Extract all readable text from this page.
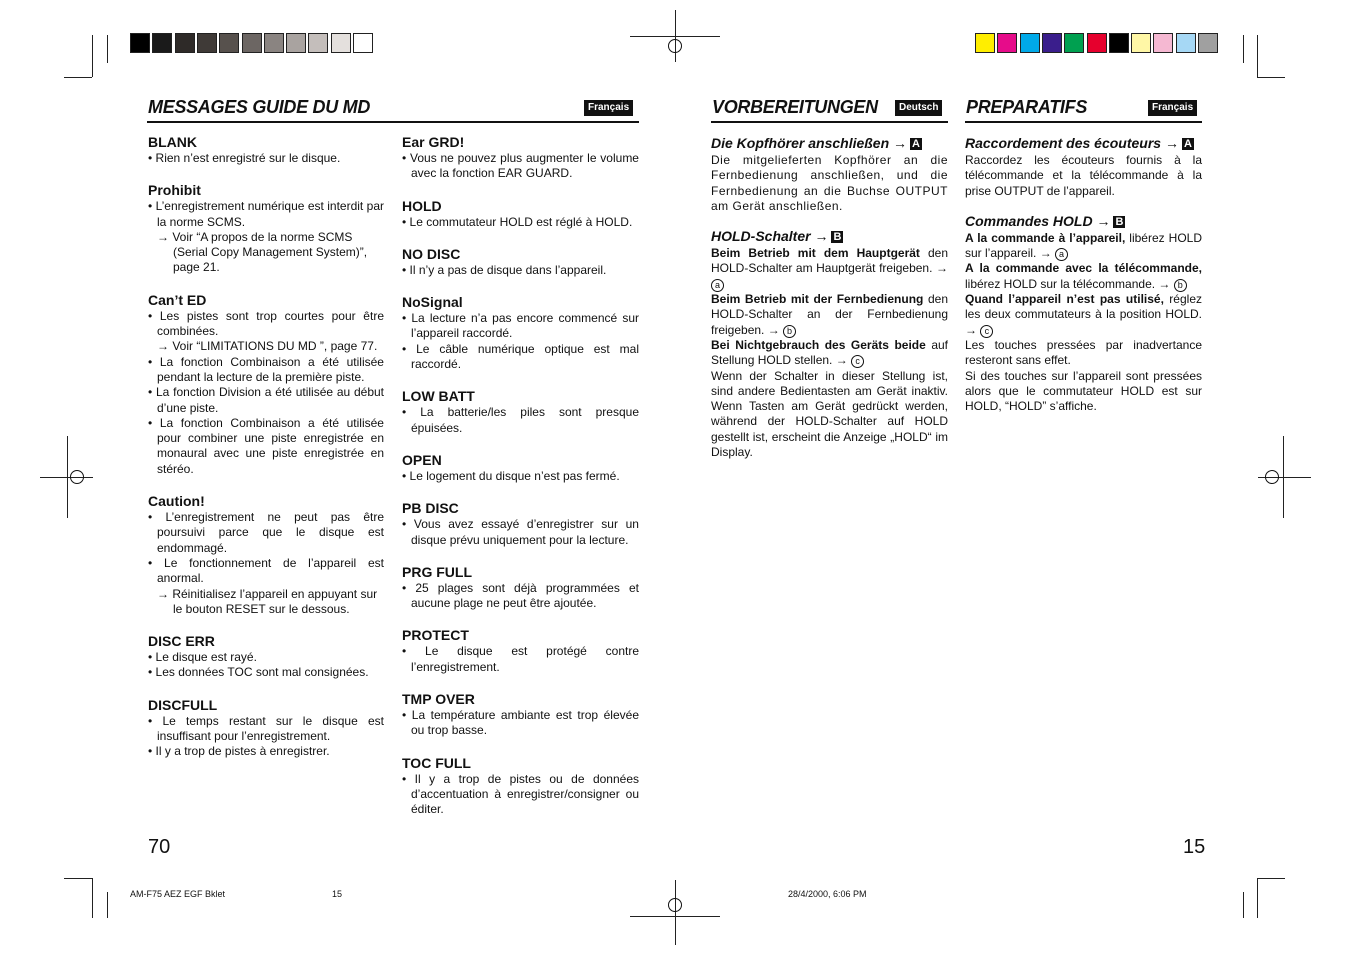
MESSAGES GUIDE DU MD	Français
BLANK
• Rien n’est enregistré sur le disque.
Prohibit
• L’enregistrement numérique est interdit par la norme SCMS.
→ Voir “A propos de la norme SCMS (Serial Copy Management System)”, page 21.
Can’t ED
• Les pistes sont trop courtes pour être combinées.
→ Voir “LIMITATIONS DU MD ”, page 77.
• La fonction Combinaison a été utilisée pendant la lecture de la première piste.
• La fonction Division a été utilisée au début d’une piste.
• La fonction Combinaison a été utilisée pour combiner une piste enregistrée en monaural avec une piste enregistrée en stéréo.
Caution!
• L’enregistrement ne peut pas être poursuivi parce que le disque est endommagé.
• Le fonctionnement de l’appareil est anormal.
→ Réinitialisez l’appareil en appuyant sur le bouton RESET sur le dessous.
DISC ERR
• Le disque est rayé.
• Les données TOC sont mal consignées.
DISCFULL
• Le temps restant sur le disque est insuffisant pour l’enregistrement.
• Il y a trop de pistes à enregistrer.
Ear GRD!
• Vous ne pouvez plus augmenter le volume avec la fonction EAR GUARD.
HOLD
• Le commutateur HOLD est réglé à HOLD.
NO DISC
• Il n’y a pas de disque dans l’appareil.
NoSignal
• La lecture n’a pas encore commencé sur l’appareil raccordé.
• Le câble numérique optique est mal raccordé.
LOW BATT
• La batterie/les piles sont presque épuisées.
OPEN
• Le logement du disque n’est pas fermé.
PB DISC
• Vous avez essayé d’enregistrer sur un disque prévu uniquement pour la lecture.
PRG FULL
• 25 plages sont déjà programmées et aucune plage ne peut être ajoutée.
PROTECT
• Le disque est protégé contre l’enregistrement.
TMP OVER
• La température ambiante est trop élevée ou trop basse.
TOC FULL
• Il y a trop de pistes ou de données d’accentuation à enregistrer/consigner ou éditer.
70
VORBEREITUNGEN	Deutsch
Die Kopfhörer anschließen → A

Die mitgelieferten Kopfhörer an die Fernbedienung anschließen, und die Fernbedienung an die Buchse OUTPUT am Gerät anschließen.

HOLD-Schalter → B

Beim Betrieb mit dem Hauptgerät den HOLD-Schalter am Hauptgerät freigeben. → a

Beim Betrieb mit der Fernbedienung den HOLD-Schalter an der Fernbedienung freigeben. → b

Bei Nichtgebrauch des Geräts beide auf Stellung HOLD stellen. → c

Wenn der Schalter in dieser Stellung ist, sind andere Bedientasten am Gerät inaktiv. Wenn Tasten am Gerät gedrückt werden, während der HOLD-Schalter auf HOLD gestellt ist, erscheint die Anzeige „HOLD“ im Display.

PREPARATIFS	Français
Raccordement des écouteurs → A

Raccordez les écouteurs fournis à la télécommande et la télécommande à la prise OUTPUT de l’appareil.

Commandes HOLD → B

A la commande à l’appareil, libérez HOLD sur l’appareil. → a

A la commande avec la télécommande, libérez HOLD sur la télécommande. → b

Quand l’appareil n’est pas utilisé, réglez les deux commutateurs à la position HOLD. → c

Les touches pressées par inadvertance resteront sans effet.

Si des touches sur l’appareil sont pressées alors que le commutateur HOLD est sur HOLD, “HOLD” s’affiche.

15
AM-F75 AEZ EGF Bklet	15	28/4/2000, 6:06 PM
